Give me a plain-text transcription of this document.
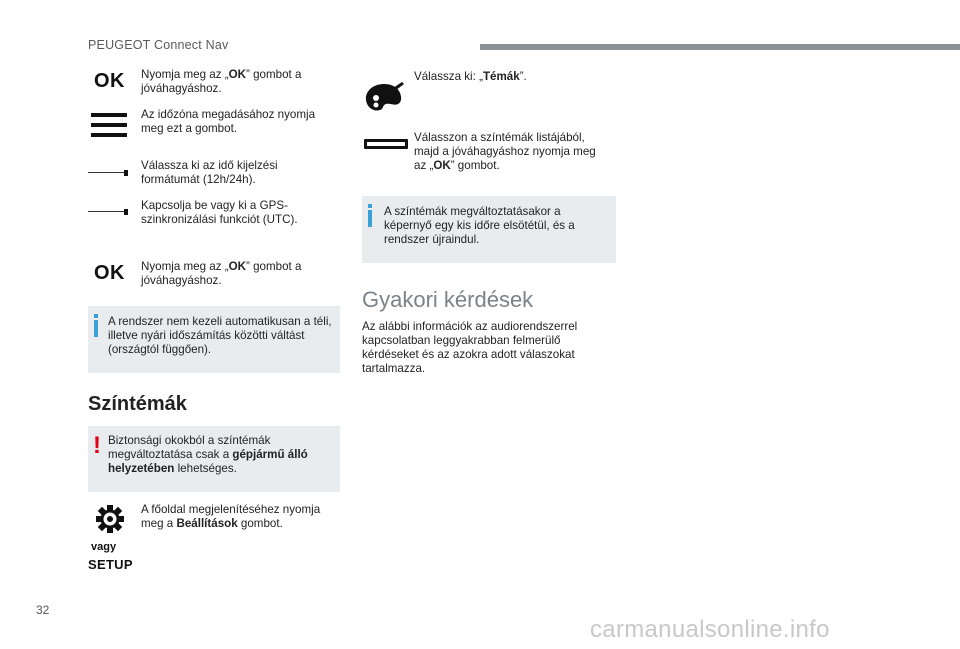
PEUGEOT Connect Nav
OK Nyomja meg az „OK” gombot a jóváhagyáshoz.
Az időzóna megadásához nyomja meg ezt a gombot.
Válassza ki az idő kijelzési formátumát (12h/24h).
Kapcsolja be vagy ki a GPS-szinkronizálási funkciót (UTC).
OK Nyomja meg az „OK” gombot a jóváhagyáshoz.
A rendszer nem kezeli automatikusan a téli, illetve nyári időszámítás közötti váltást (országtól függően).
Színtémák
! Biztonsági okokból a színtémák megváltoztatása csak a gépjármű álló helyzetében lehetséges.
vagy
SETUP
A főoldal megjelenítéséhez nyomja meg a Beállítások gombot.
Válassza ki: „Témák”.
Válasszon a színtémák listájából, majd a jóváhagyáshoz nyomja meg az „OK” gombot.
A színtémák megváltoztatásakor a képernyő egy kis időre elsötétül, és a rendszer újraindul.
Gyakori kérdések
Az alábbi információk az audiorendszerrel kapcsolatban leggyakrabban felmerülő kérdéseket és az azokra adott válaszokat tartalmazza.
32
carmanualsonline.info
